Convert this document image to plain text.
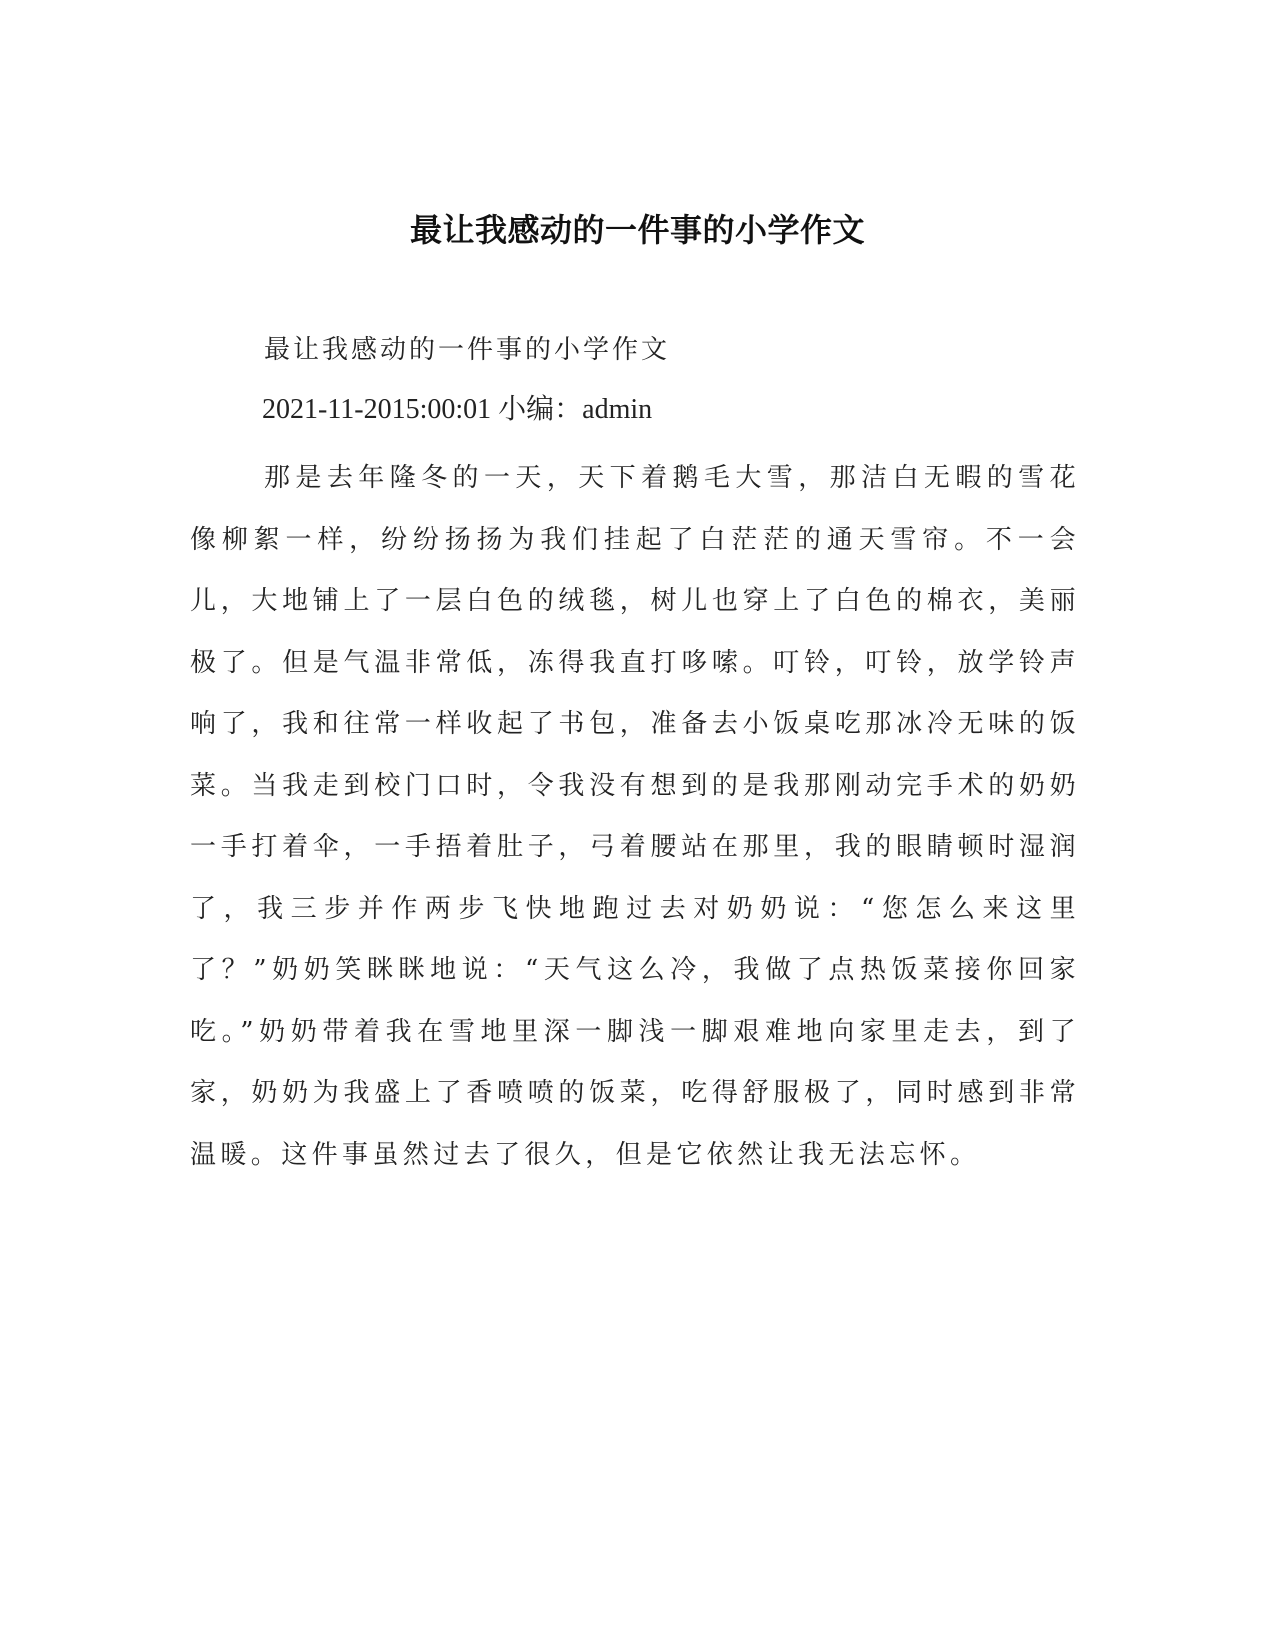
最让我感动的一件事的小学作文

最让我感动的一件事的小学作文

2021-11-2015:00:01 小编：admin

那是去年隆冬的一天，天下着鹅毛大雪，那洁白无暇的雪花像柳絮一样，纷纷扬扬为我们挂起了白茫茫的通天雪帘。不一会儿，大地铺上了一层白色的绒毯，树儿也穿上了白色的棉衣，美丽极了。但是气温非常低，冻得我直打哆嗦。叮铃，叮铃，放学铃声响了，我和往常一样收起了书包，准备去小饭桌吃那冰冷无味的饭菜。当我走到校门口时，令我没有想到的是我那刚动完手术的奶奶一手打着伞，一手捂着肚子，弓着腰站在那里，我的眼睛顿时湿润了，我三步并作两步飞快地跑过去对奶奶说：“您怎么来这里了？”奶奶笑眯眯地说：“天气这么冷，我做了点热饭菜接你回家吃。”奶奶带着我在雪地里深一脚浅一脚艰难地向家里走去，到了家，奶奶为我盛上了香喷喷的饭菜，吃得舒服极了，同时感到非常温暖。这件事虽然过去了很久，但是它依然让我无法忘怀。
